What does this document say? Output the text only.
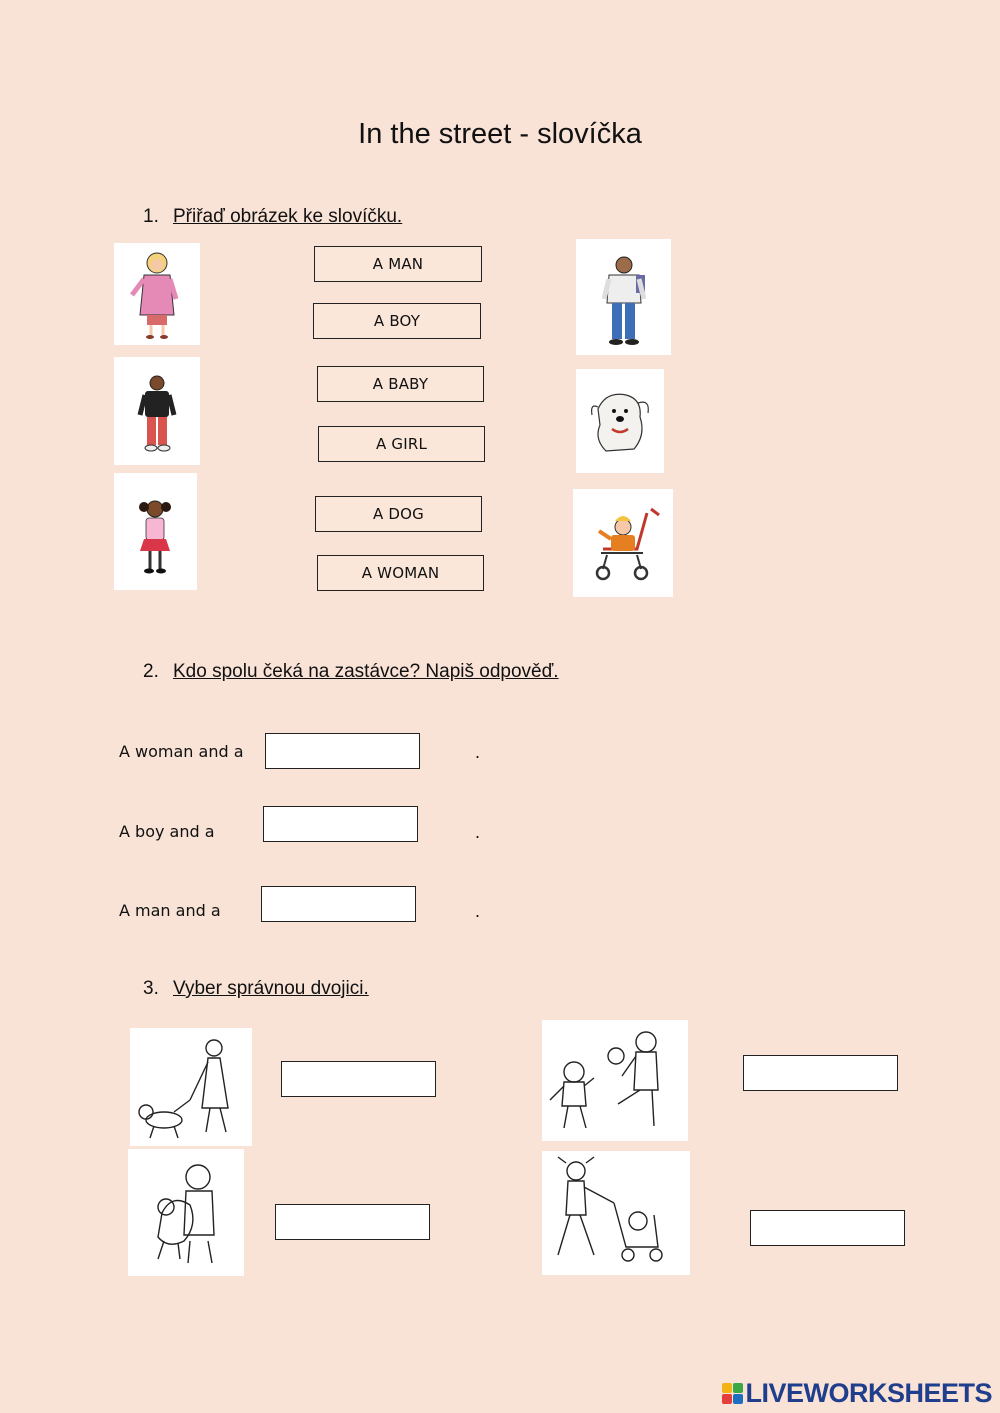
In the street - slovíčka
1. Přiřaď obrázek ke slovíčku.
A MAN
A BOY
A BABY
A GIRL
A DOG
A WOMAN
2. Kdo spolu čeká na zastávce? Napiš odpověď.
A woman and a	.
A boy and a	.
A man and a	.
3. Vyber správnou dvojici.
LIVEWORKSHEETS
